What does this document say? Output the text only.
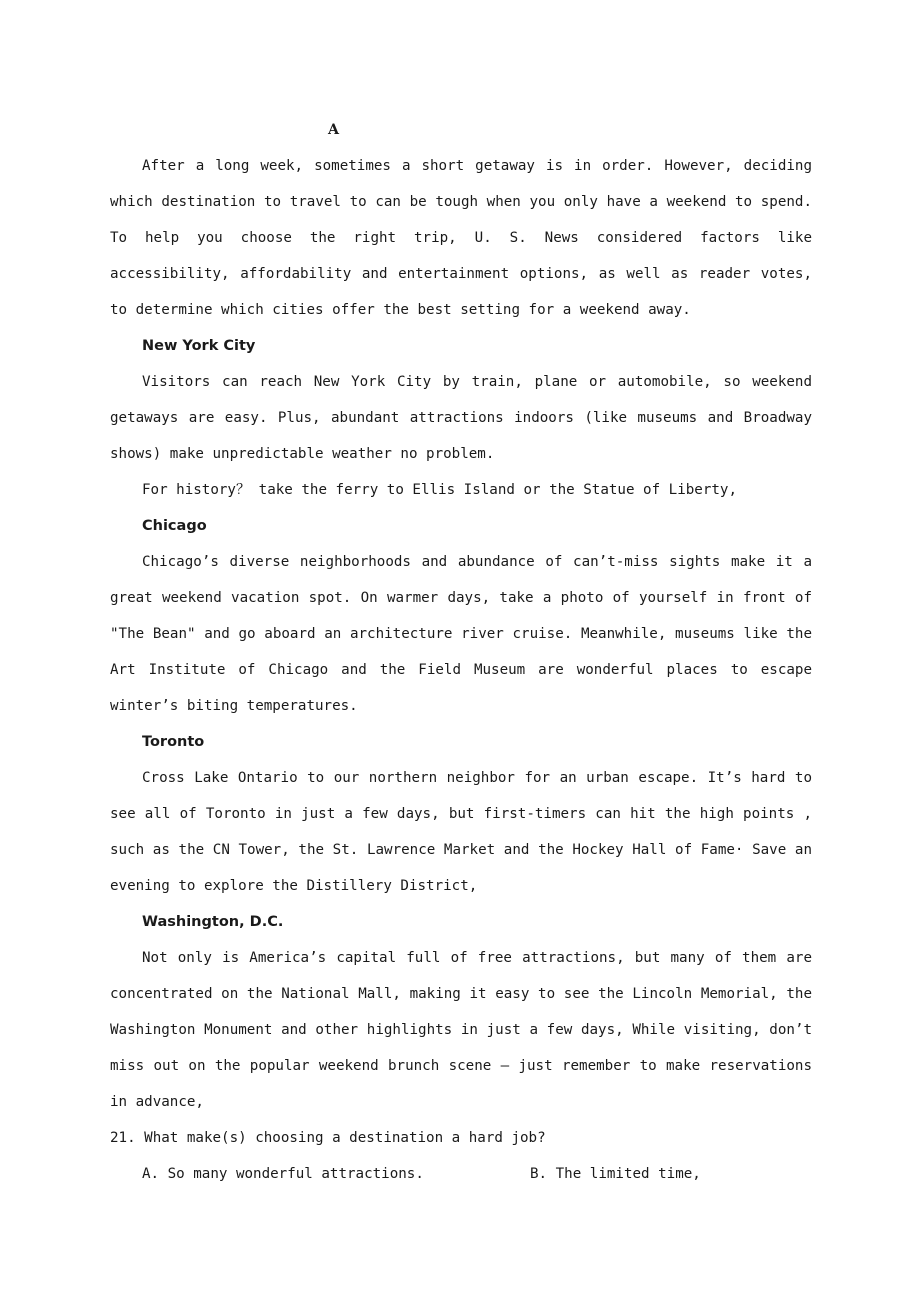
A

After a long week, sometimes a short getaway is in order. However, deciding which destination to travel to can be tough when you only have a weekend to spend. To help you choose the right trip, U. S. News considered factors like accessibility, affordability and entertainment options, as well as reader votes, to determine which cities offer the best setting for a weekend away.

New York City

Visitors can reach New York City by train, plane or automobile, so weekend getaways are easy. Plus, abundant attractions indoors (like museums and Broadway shows) make unpredictable weather no problem.

For history？ take the ferry to Ellis Island or the Statue of Liberty,

Chicago

Chicago’s diverse neighborhoods and abundance of can’t-miss sights make it a great weekend vacation spot. On warmer days, take a photo of yourself in front of "The Bean" and go aboard an architecture river cruise. Meanwhile, museums like the Art Institute of Chicago and the Field Museum are wonderful places to escape winter’s biting temperatures.

Toronto

Cross Lake Ontario to our northern neighbor for an urban escape. It’s hard to see all of Toronto in just a few days, but first-timers can hit the high points , such as the CN Tower, the St. Lawrence Market and the Hockey Hall of Fame· Save an evening to explore the Distillery District,

Washington, D.C.

Not only is America’s capital full of free attractions, but many of them are concentrated on the National Mall, making it easy to see the Lincoln Memorial, the Washington Monument and other highlights in just a few days, While visiting, don’t miss out on the popular weekend brunch scene — just remember to make reservations in advance,

21. What make(s) choosing a destination a hard job?

A. So many wonderful attractions.	B. The limited time,
